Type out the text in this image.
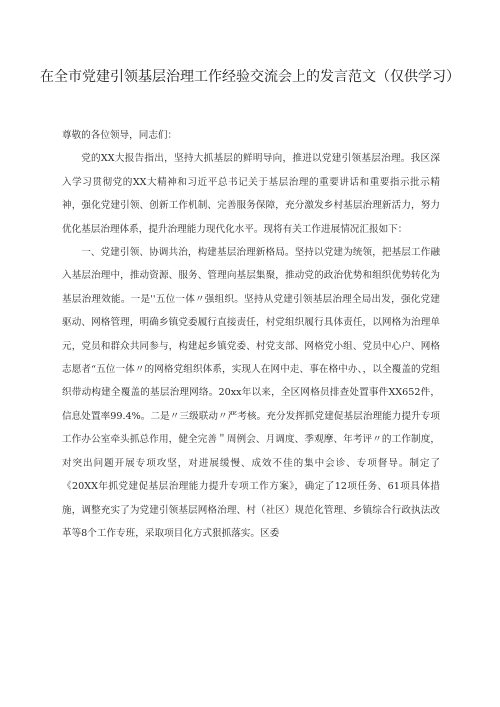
在全市党建引领基层治理工作经验交流会上的发言范文（仅供学习）

尊敬的各位领导，同志们：

党的XX大报告指出，坚持大抓基层的鲜明导向，推进以党建引领基层治理。我区深入学习贯彻党的XX大精神和习近平总书记关于基层治理的重要讲话和重要指示批示精神，强化党建引领、创新工作机制、完善服务保障，充分激发乡村基层治理新活力，努力优化基层治理体系，提升治理能力现代化水平。现将有关工作进展情况汇报如下：

一、党建引领、协调共治，构建基层治理新格局。坚持以党建为统领，把基层工作融入基层治理中，推动资源、服务、管理向基层集聚，推动党的政治优势和组织优势转化为基层治理效能。一是''五位一体〃强组织。坚持从党建引领基层治理全局出发，强化党建驱动、网格管理，明确乡镇党委履行直接责任，村党组织履行具体责任，以网格为治理单元，党员和群众共同参与，构建起乡镇党委、村党支部、网格党小组、党员中心户、网格志愿者“五位一体〃的网格党组织体系，实现人在网中走、事在格中办、，以全覆盖的党组织带动构建全覆盖的基层治理网络。20xx年以来，全区网格员排查处置事件XX652件，信息处置率99.4%。二是〃三级联动〃严考核。充分发挥抓党建促基层治理能力提升专项工作办公室牵头抓总作用，健全完善＂周例会、月调度、季观摩、年考评〃的工作制度，对突出问题开展专项攻坚，对进展缓慢、成效不佳的集中会诊、专项督导。制定了《20XX年抓党建促基层治理能力提升专项工作方案》，确定了12项任务、61项具体措施，调整充实了为党建引领基层网格治理、村（社区）规范化管理、乡镇综合行政执法改革等8个工作专班，采取项目化方式狠抓落实。区委
